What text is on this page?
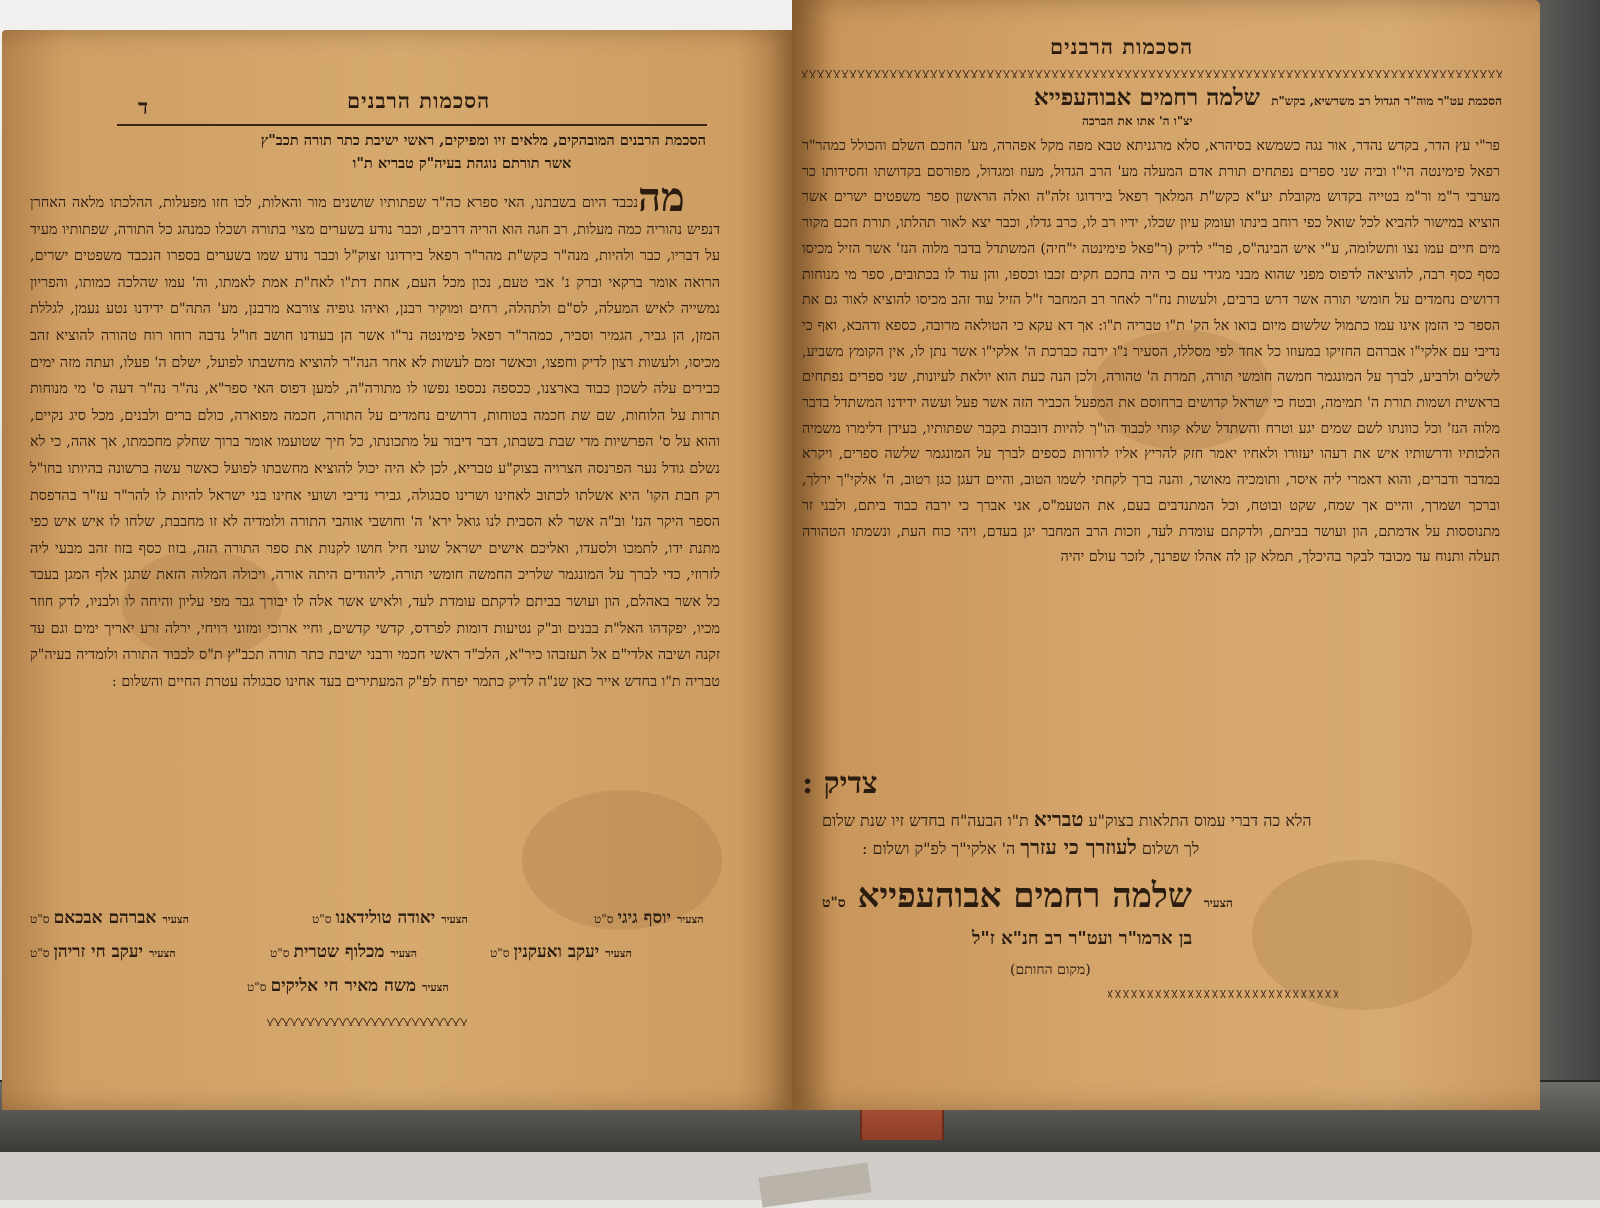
הסכמות הרבנים
ד
הסכמת הרבנים המובהקים, מלאים זיו ומפיקים, ראשי ישיבת כתר תורה תכב"ץ
אשר תורתם נוגהת בעיה"ק טבריא ת"ו
מה
נכבד היום בשבתנו, האי ספרא כה"ר שפתותיו שושנים מור והאלות, לכו חזו מפעלות, ההלכתו מלאה האחרן דנפיש נהוריה כמה מעלות, רב חגה הוא הריה דרבים, וכבר נודע בשערים מצוי בתורה ושכלו כמנהג כל התורה, שפתותיו מעיד על דבריו, כבר ולהיות, מנה"ר כקש"ת מהר"ר רפאל בירדונו זצוק"ל וכבר נודע שמו בשערים בספרו הנכבד משפטים ישרים, הרואה אומר ברקאי וברק נ' אבי טעם, נכון מכל העם, אחת דת"ו לאח"ת אמת לאמתו, וה' עמו שהלכה כמותו, והפריון נמשייה לאיש המעלה, לס"ם ולתהלה, רחים ומוקיר רבנן, ואיהו גופיה צורבא מרבנן, מע' התה"ם ידידנו נטע נעמן, לגללת המזן, הן גביר, הגמיר וסביר, כמהר"ר רפאל פימינטה נר"ו אשר הן בעודנו חושב חו"ל נדבה רוחו רוח טהורה להוציא זהב מכיסו, ולעשות רצון לדיק וחפצו, וכאשר זמם לעשות לא אחר הנה"ר להוציא מחשבתו לפועל, ישלם ה' פעלו, ועתה מזה ימים כבירים עלה לשכון כבוד בארצנו, ככספה נכספו נפשו לו מתורה"ה, למען דפוס האי ספר"א, נה"ר נה"ר דעה ס' מי מנוחות תרות על הלוחות, שם שת חכמה בטוחות, דרושים נחמדים על התורה, חכמה מפוארה, כולם ברים ולבנים, מכל סיג נקיים, והוא על ס' הפרשיות מדי שבת בשבתו, דבר דיבור על מתכונתו, כל חיך שטועמו אומר ברוך שחלק מחכמתו, אך אהה, כי לא נשלם גודל נער הפרנסה הצרויה בצוק"ע טבריא, לכן לא היה יכול להוציא מחשבתו לפועל כאשר עשה ברשונה בהיותו בחו"ל רק חבת הקו' היא אשלתו לכתוב לאחינו ושרינו סבגולה, גבירי נדיבי ושועי אחינו בני ישראל להיות לו להר"ר עז"ר בהדפסת הספר היקר הנז' וב"ה אשר לא הסבית לנו גואל ירא' ה' וחושבי אוהבי התורה ולומדיה לא זו מחבבת, שלחו לו איש איש כפי מתנת ידו, לתמכו ולסעדו, ואליכם אישים ישראל שועי חיל חושו לקנות את ספר התורה הזה, בזוז כסף בזוז זהב מבעי ליה לזרוזי, כדי לברך על המונגמר שלריכ החמשה חומשי תורה, ליהודים היתה אורה, ויכולה המלוה הזאת שתגן אלף המגן בעבד כל אשר באהלם, הון ועושר בביתם לדקתם עומדת לעד, ולאיש אשר אלה לו יבורך גבר מפי עליון והיחה לו ולבניו, לדק חוזר מכיו, יפקדהו האל"ת בבנים וב"ק נטיעות דומות לפרדס, קדשי קדשים, וחיי ארוכי ומזוני רויחי, ירלה זרע יאריך ימים וגם עד זקנה ושיבה אלדי"ם אל תעזבהו כיר"א, הלכ"ד ראשי חכמי ורבני ישיבת כתר תורה תכב"ץ ת"ס לכבוד התורה ולומדיה בעיה"ק טבריה ת"ו בחדש אייר כאן שנ"ה לדיק כתמר יפרח לפ"ק המעתירים בעד אחינו סבגולה עטרת החיים והשלום :
הצעיריוסף גיגיס"ט
הצעיריאודה טולידאנוס"ט
הצעיראברהם אבכאםס"ט
הצעיריעקב ואעקניןס"ט
הצעירמכלוף שטריתס"ט
הצעיריעקב חי זריהןס"ט
הצעירמשה מאיר חי אליקיםס"ט
הסכמות הרבנים
הסכמת עט"ר מוה"ר הגדול רב משרשיא, בקש"ת שלמה רחמים אבוהעפייא
יצ"ו ה' אתו את הברכה
פר"י עץ הדר, בקדש נהדר, אור נגה כשמשא בסיהרא, סלא מרגניתא טבא מפה מקל אפהרה, מע' החכם השלם והכולל כמהר"ר רפאל פימינטה הי"ו וביה שני ספרים נפתחים תורת אדם המעלה מע' הרב הגדול, מעוז ומגדול, מפורסם בקדושתו וחסידותו כר מערבי ר"מ ור"מ בטייה בקדוש מקובלת יע"א כקש"ת המלאך רפאל בירדוגו זלה"ה ואלה הראשון ספר משפטים ישרים אשר הוציא במישור להביא לכל שואל כפי רוחב בינתו ועומק עיון שכלו, ידיו רב לו, כרב גדלו, וכבר יצא לאור תהלתו, תורת חכם מקור מים חיים עמו נצו ותשלומה, ע"י איש הבינה"ס, פר"י לדיק (ר"פאל פימינטה י"חיה) המשתדל בדבר מלוה הנז' אשר הזיל מכיסו כסף כסף רבה, להוציאה לדפוס מפני שהוא מבני מגידי עם כי היה בחכם חקים זכבו וכספו, והן עוד לו בכתובים, ספר מי מנוחות דרושים נחמדים על חומשי תורה אשר דרש ברבים, ולעשות נח"ר לאחר רב המחבר ז"ל הזיל עוד זהב מכיסו להוציא לאור גם את הספר כי הזמן אינו עמו כתמול שלשום מיום בואו אל הק' ת"ו טבריה ת"ו: אך דא עקא כי הטולאה מרובה, כספא ודהבא, ואף כי נדיבי עם אלקי"ו אברהם החזיקו במעוזו כל אחד לפי מסללו, הסעיר נ"ו ירבה כברכת ה' אלקי"ו אשר נתן לו, אין הקומץ משביע, לשלים ולרביע, לברך על המונגמר חמשה חומשי תורה, תמרת ה' טהורה, ולכן הנה כעת הוא יולאת לעיונות, שני ספרים נפתחים בראשית ושמות תורת ה' תמימה, ובטח כי ישראל קדושים ברחוסם את המפעל הכביר הזה אשר פעל ועשה ידידנו המשתדל בדבר מלוה הנז' וכל כוונתו לשם שמים יגע וטרח והשתדל שלא קוחי לכבוד הו"ך להיות דובבות בקבר שפתותיו, בעידן דלימרו משמיה הלכותיו ודרשותיו איש את רעהו יעזורו ולאחיו יאמר חזק להריץ אליו לרורות כספים לברך על המונגמר שלשה ספרים, ויקרא במדבר ודברים, והוא דאמרי ליה איסר, ותומכיה מאושר, והנה ברך לקחתי לשמו הטוב, והיים דעגן כגן רטוב, ה' אלקי"ך ירלך, וברכך ושמרך, והיים אך שמח, שקט ובוטח, וכל המתנדבים בעם, את הטעמ"ס, אני אברך כי ירבה כבוד ביתם, ולבני זר מתנוססות על אדמתם, הון ועושר בביתם, ולדקתם עומדת לעד, וזכות הרב המחבר יגן בעדם, ויהי כוח העת, ונשמתו הטהורה תעלה ותנוח עד מכובד לבקר בהיכלך, תמלא קן לה אהלו שפרנך, לזכר עולם יהיה
צדיק :
הלא כה דברי עמוס התלאות בצוק"ע טבריא ת"ו הבעה"ח בחדש זיו שנת שלום
לך ושלום לעוזרך כי עזרך ה' אלקי"ך לפ"ק ושלום :
הצעיר שלמה רחמים אבוהעפייא ס"ט
בן ארמו"ר ועט"ר רב חנ"א ז"ל
(מקום החותם)
